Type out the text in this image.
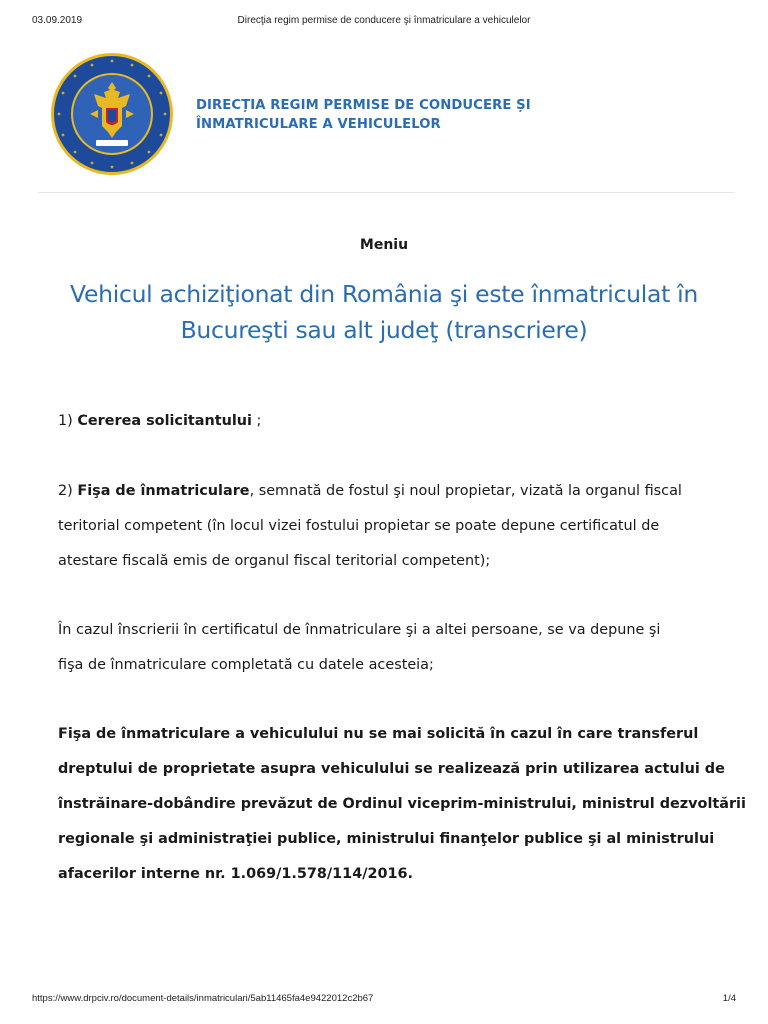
03.09.2019	Direcţia regim permise de conducere şi înmatriculare a vehiculelor
DIRECȚIA REGIM PERMISE DE CONDUCERE ȘI
ÎNMATRICULARE A VEHICULELOR
Meniu
Vehicul achiziţionat din România şi este înmatriculat în
Bucureşti sau alt judeţ (transcriere)

1) Cererea solicitantului ;

2) Fişa de înmatriculare, semnată de fostul şi noul propietar, vizată la organul fiscal
teritorial competent (în locul vizei fostului propietar se poate depune certificatul de
atestare fiscală emis de organul fiscal teritorial competent);

În cazul înscrierii în certificatul de înmatriculare şi a altei persoane, se va depune şi
fişa de înmatriculare completată cu datele acesteia;

Fişa de înmatriculare a vehiculului nu se mai solicită în cazul în care transferul
dreptului de proprietate asupra vehiculului se realizează prin utilizarea actului de
înstrăinare-dobândire prevăzut de Ordinul viceprim-ministrului, ministrul dezvoltării
regionale şi administraţiei publice, ministrului finanţelor publice şi al ministrului
afacerilor interne nr. 1.069/1.578/114/2016.

https://www.drpciv.ro/document-details/inmatriculari/5ab11465fa4e9422012c2b67	1/4
